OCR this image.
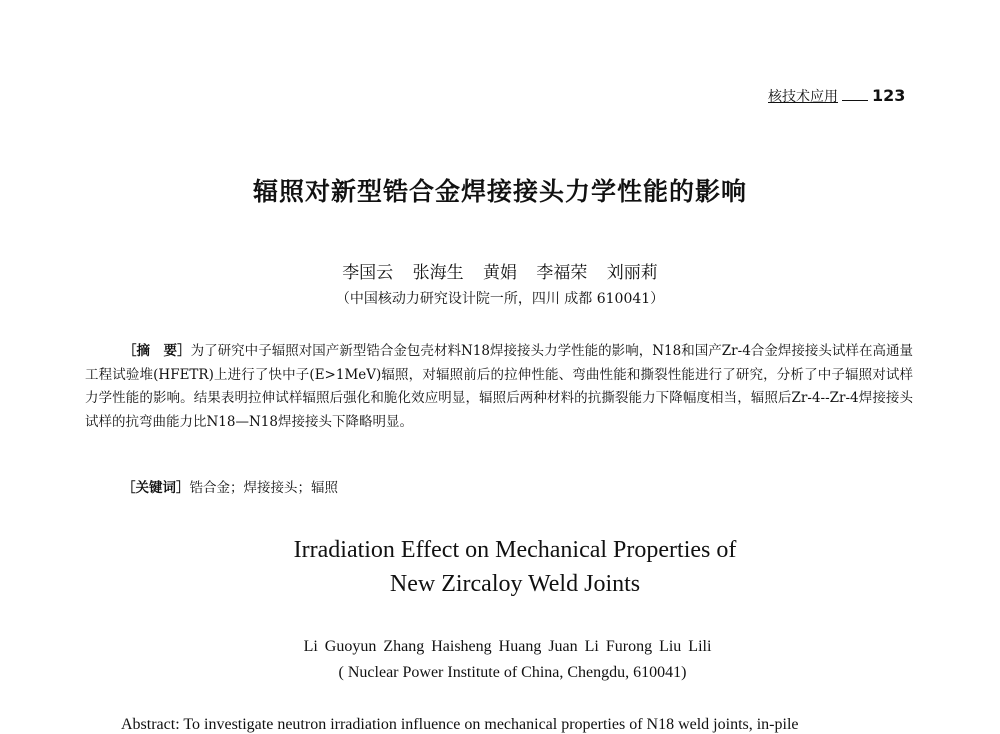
核技术应用 123
辐照对新型锆合金焊接接头力学性能的影响
李国云 张海生 黄娟 李福荣 刘丽莉
（中国核动力研究设计院一所，四川 成都 610041）
［摘　要］为了研究中子辐照对国产新型锆合金包壳材料N18焊接接头力学性能的影响，N18和国产Zr-4合金焊接接头试样在高通量工程试验堆(HFETR)上进行了快中子(E>1MeV)辐照，对辐照前后的拉伸性能、弯曲性能和撕裂性能进行了研究，分析了中子辐照对试样力学性能的影响。结果表明拉伸试样辐照后强化和脆化效应明显，辐照后两种材料的抗撕裂能力下降幅度相当，辐照后Zr-4--Zr-4焊接接头试样的抗弯曲能力比N18—N18焊接接头下降略明显。
［关键词］锆合金；焊接接头；辐照
Irradiation Effect on Mechanical Properties of
New Zircaloy Weld Joints
Li Guoyun Zhang Haisheng Huang Juan Li Furong Liu Lili
( Nuclear Power Institute of China, Chengdu, 610041)
Abstract: To investigate neutron irradiation influence on mechanical properties of N18 weld joints, in-pile
